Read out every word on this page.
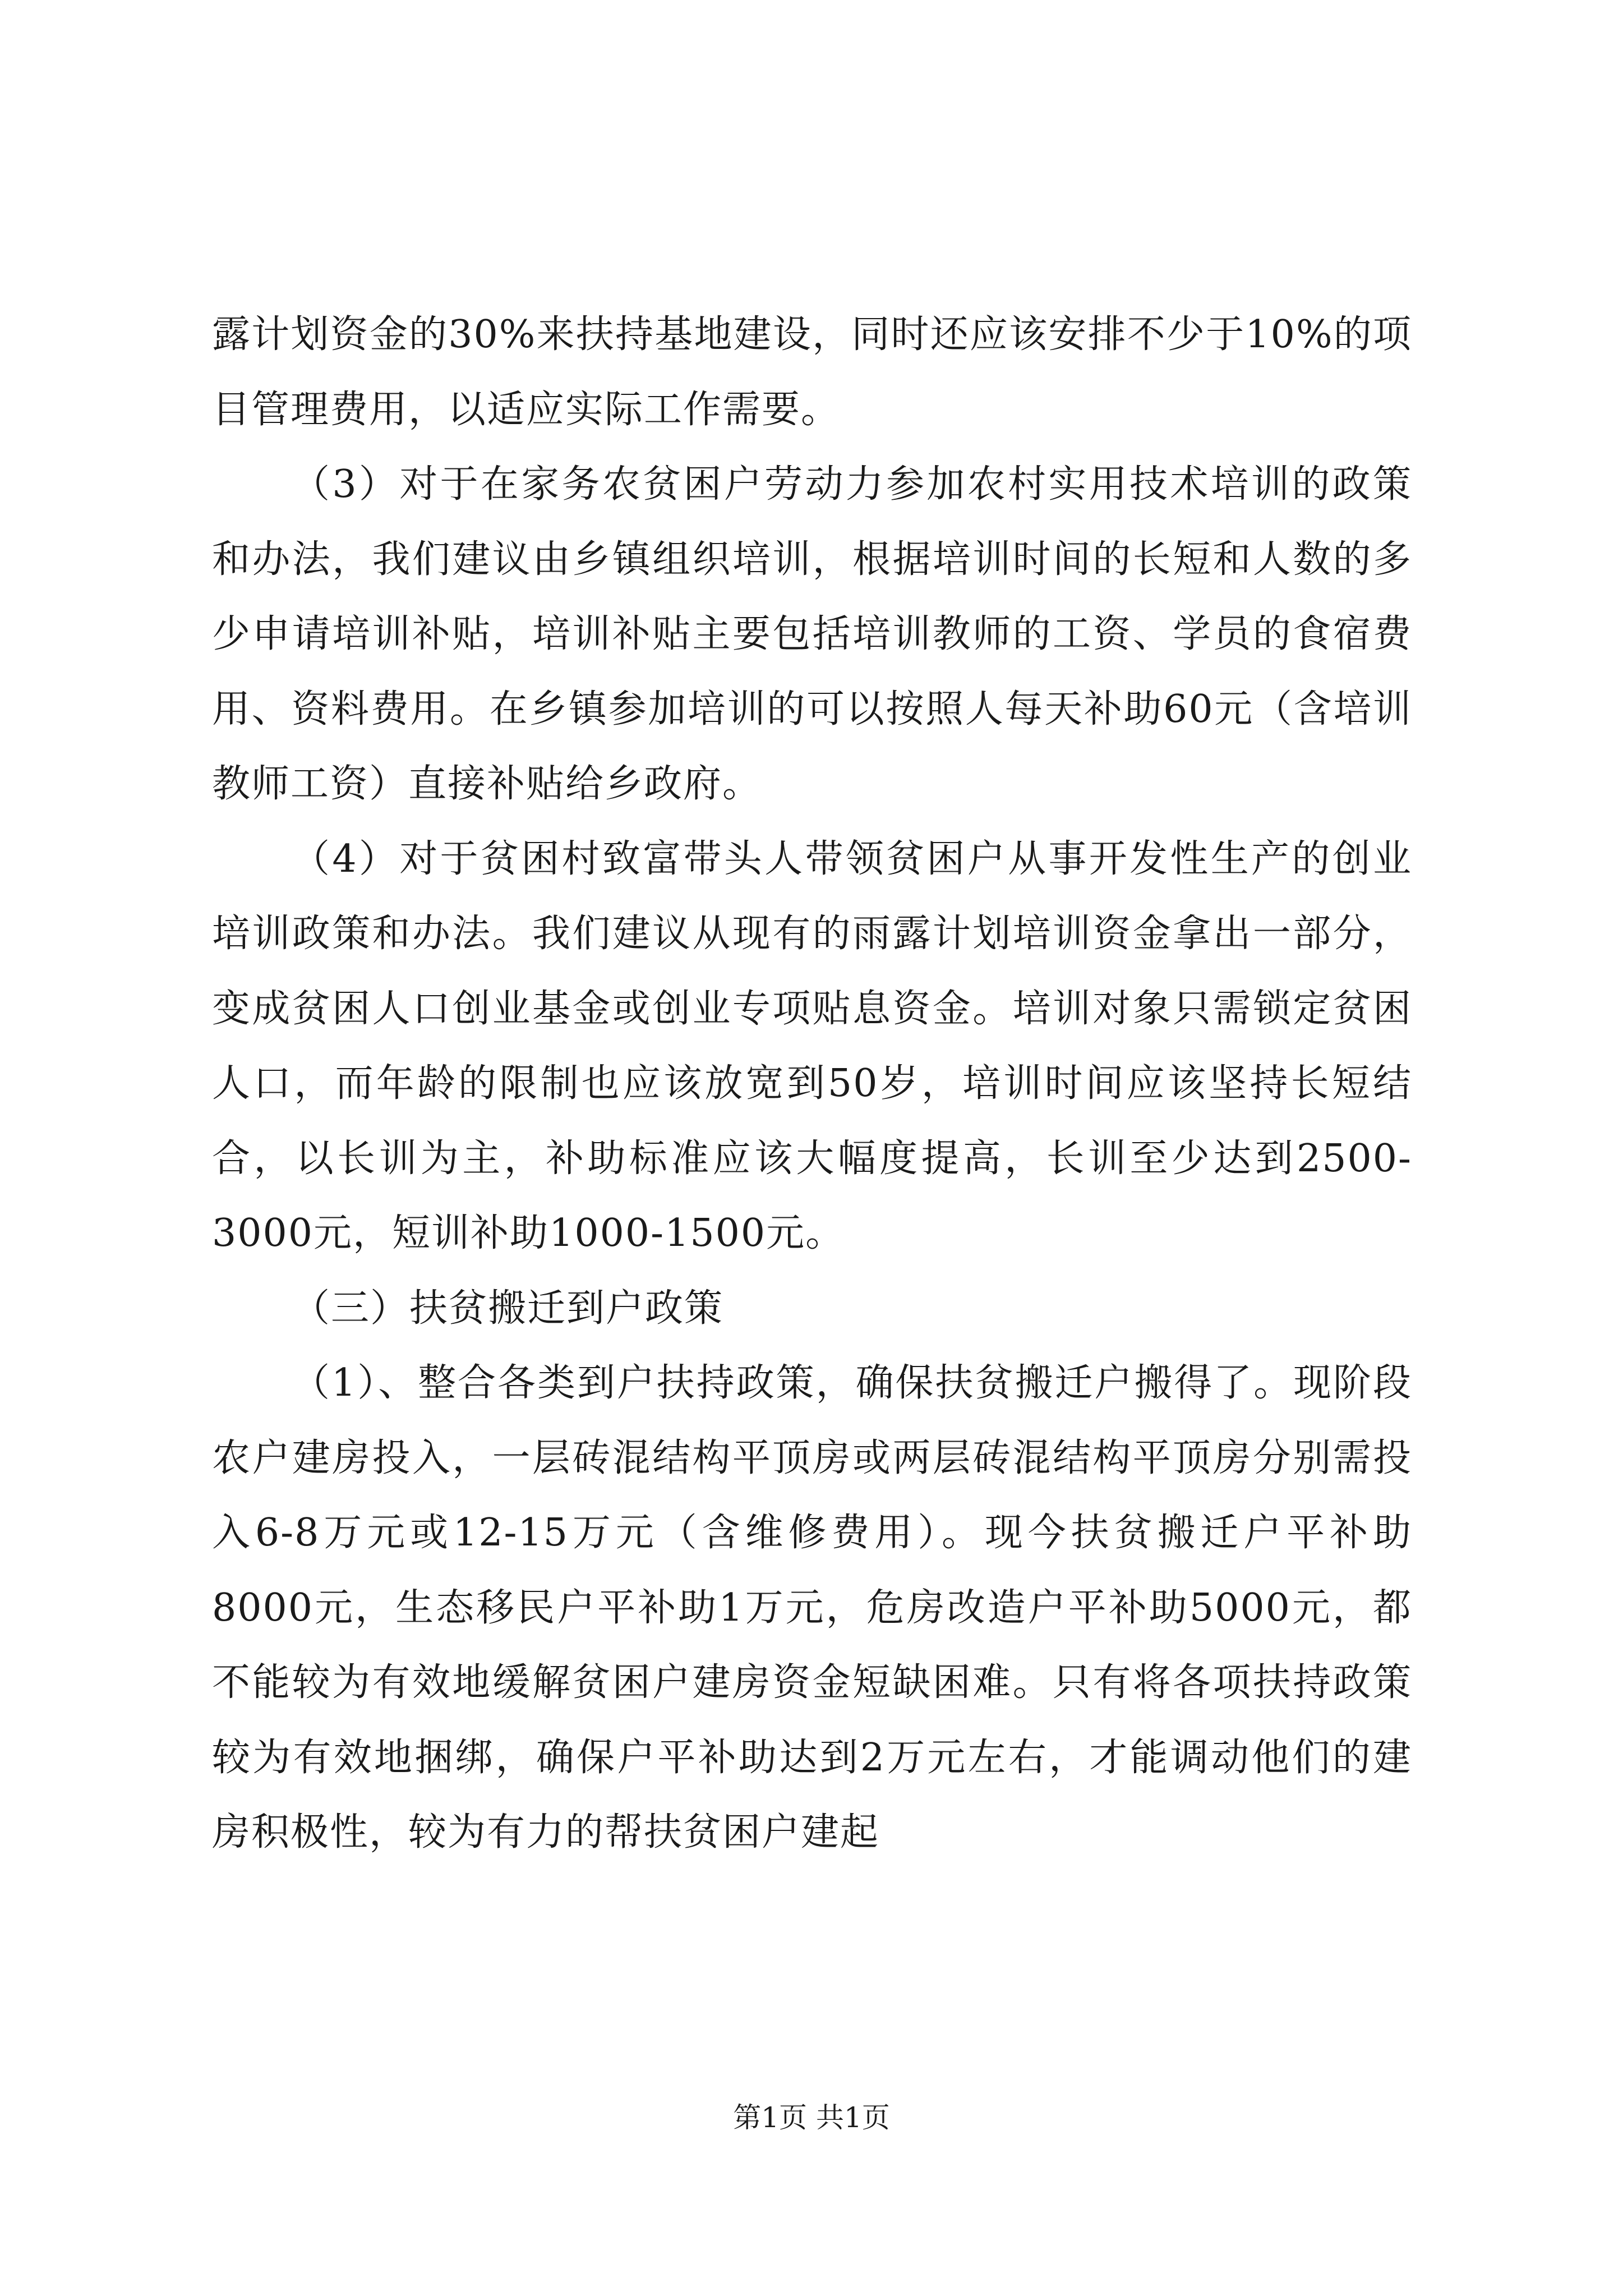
露计划资金的30%来扶持基地建设，同时还应该安排不少于10%的项目管理费用，以适应实际工作需要。

（3）对于在家务农贫困户劳动力参加农村实用技术培训的政策和办法，我们建议由乡镇组织培训，根据培训时间的长短和人数的多少申请培训补贴，培训补贴主要包括培训教师的工资、学员的食宿费用、资料费用。在乡镇参加培训的可以按照人每天补助60元（含培训教师工资）直接补贴给乡政府。

（4）对于贫困村致富带头人带领贫困户从事开发性生产的创业培训政策和办法。我们建议从现有的雨露计划培训资金拿出一部分，变成贫困人口创业基金或创业专项贴息资金。培训对象只需锁定贫困人口，而年龄的限制也应该放宽到50岁，培训时间应该坚持长短结合，以长训为主，补助标准应该大幅度提高，长训至少达到2500-3000元，短训补助1000-1500元。

（三）扶贫搬迁到户政策

（1）、整合各类到户扶持政策，确保扶贫搬迁户搬得了。现阶段农户建房投入，一层砖混结构平顶房或两层砖混结构平顶房分别需投入6-8万元或12-15万元（含维修费用）。现今扶贫搬迁户平补助8000元，生态移民户平补助1万元，危房改造户平补助5000元，都不能较为有效地缓解贫困户建房资金短缺困难。只有将各项扶持政策较为有效地捆绑，确保户平补助达到2万元左右，才能调动他们的建房积极性，较为有力的帮扶贫困户建起

第1页 共1页
